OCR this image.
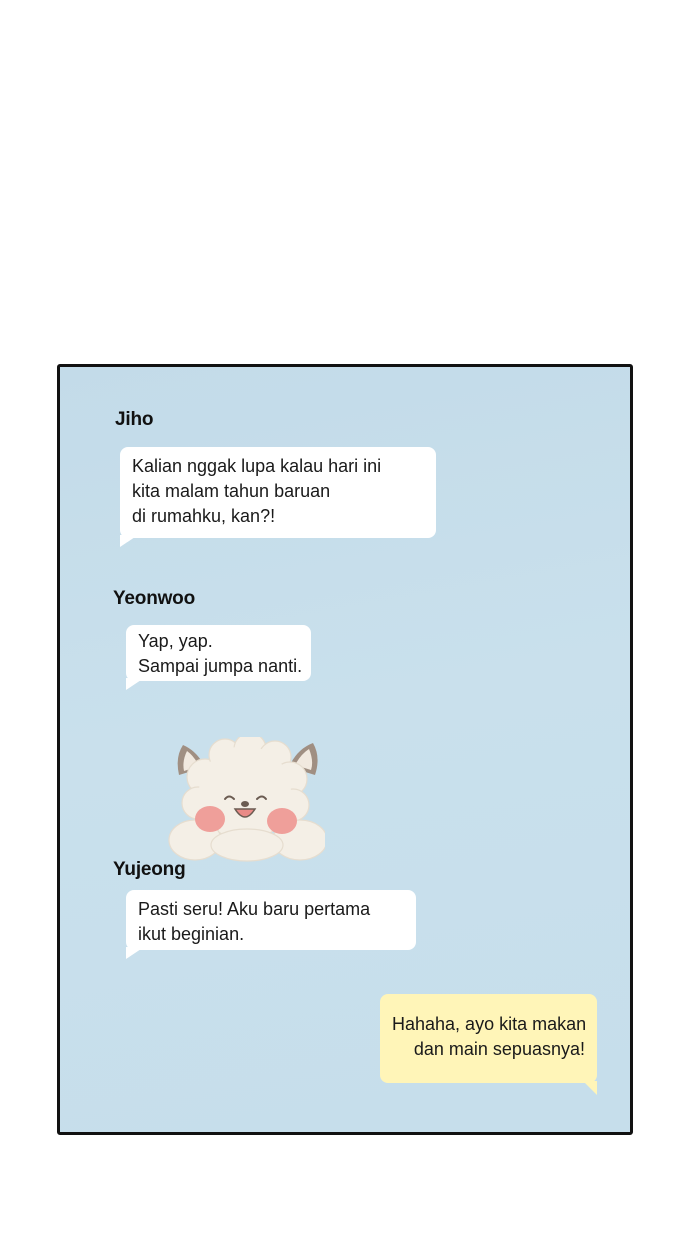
Jiho
Kalian nggak lupa kalau hari ini
kita malam tahun baruan
di rumahku, kan?!
Yeonwoo
Yap, yap.
Sampai jumpa nanti.
Yujeong
Pasti seru! Aku baru pertama
ikut beginian.
Hahaha, ayo kita makan
dan main sepuasnya!
